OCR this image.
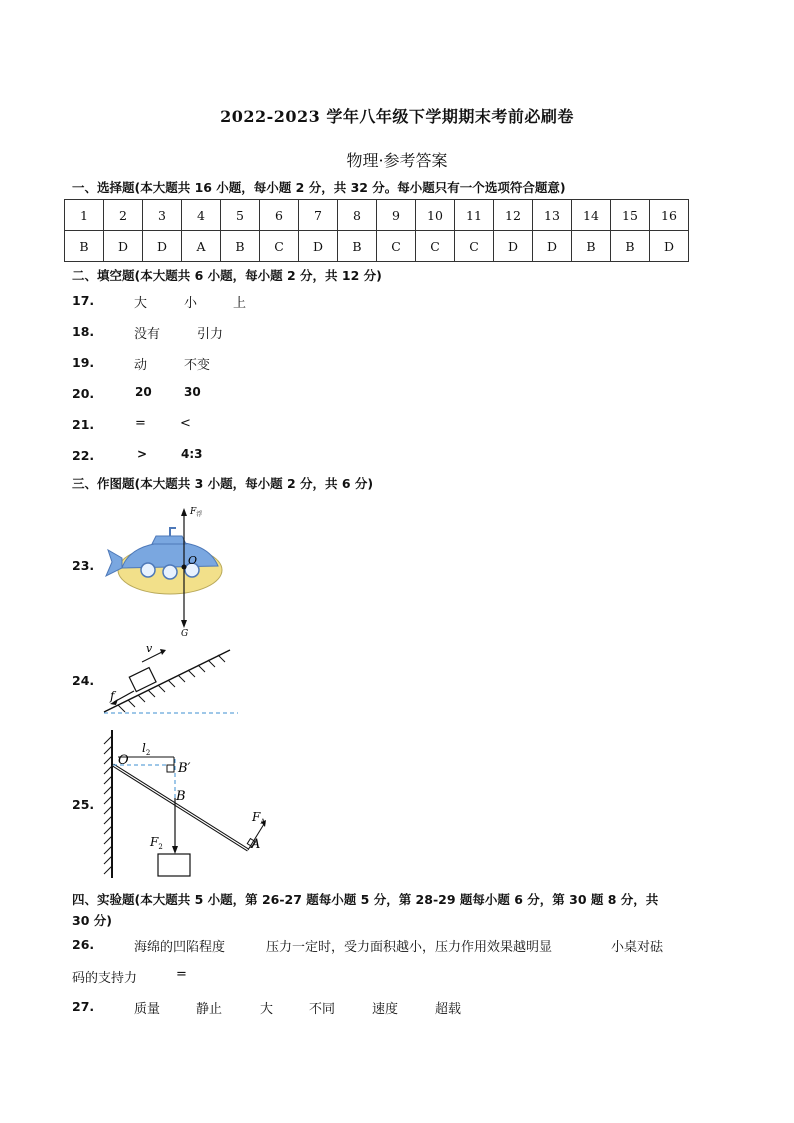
2022-2023 学年八年级下学期期末考前必刷卷
物理·参考答案
一、选择题(本大题共 16 小题，每小题 2 分，共 32 分。每小题只有一个选项符合题意)
1	2	3	4	5	6	7	8	9	10	11	12	13	14	15	16
B	D	D	A	B	C	D	B	C	C	C	D	D	B	B	D
二、填空题(本大题共 6 小题，每小题 2 分，共 12 分)
17.	大	小	上
18.	没有	引力
19.	动	不变
20.	20	30
21.	=	<
22.	>	4:3
三、作图题(本大题共 3 小题，每小题 2 分，共 6 分)
23.
$F_浮$
O
G
24.
v
f
25.
O
$l_2$
B′
B
$F_A$
A
$F_2$
四、实验题(本大题共 5 小题，第 26-27 题每小题 5 分，第 28-29 题每小题 6 分，第 30 题 8 分，共
30 分)
26.	海绵的凹陷程度	压力一定时，受力面积越小，压力作用效果越明显	小桌对砝
码的支持力	=
27.	质量	静止	大	不同	速度	超载
